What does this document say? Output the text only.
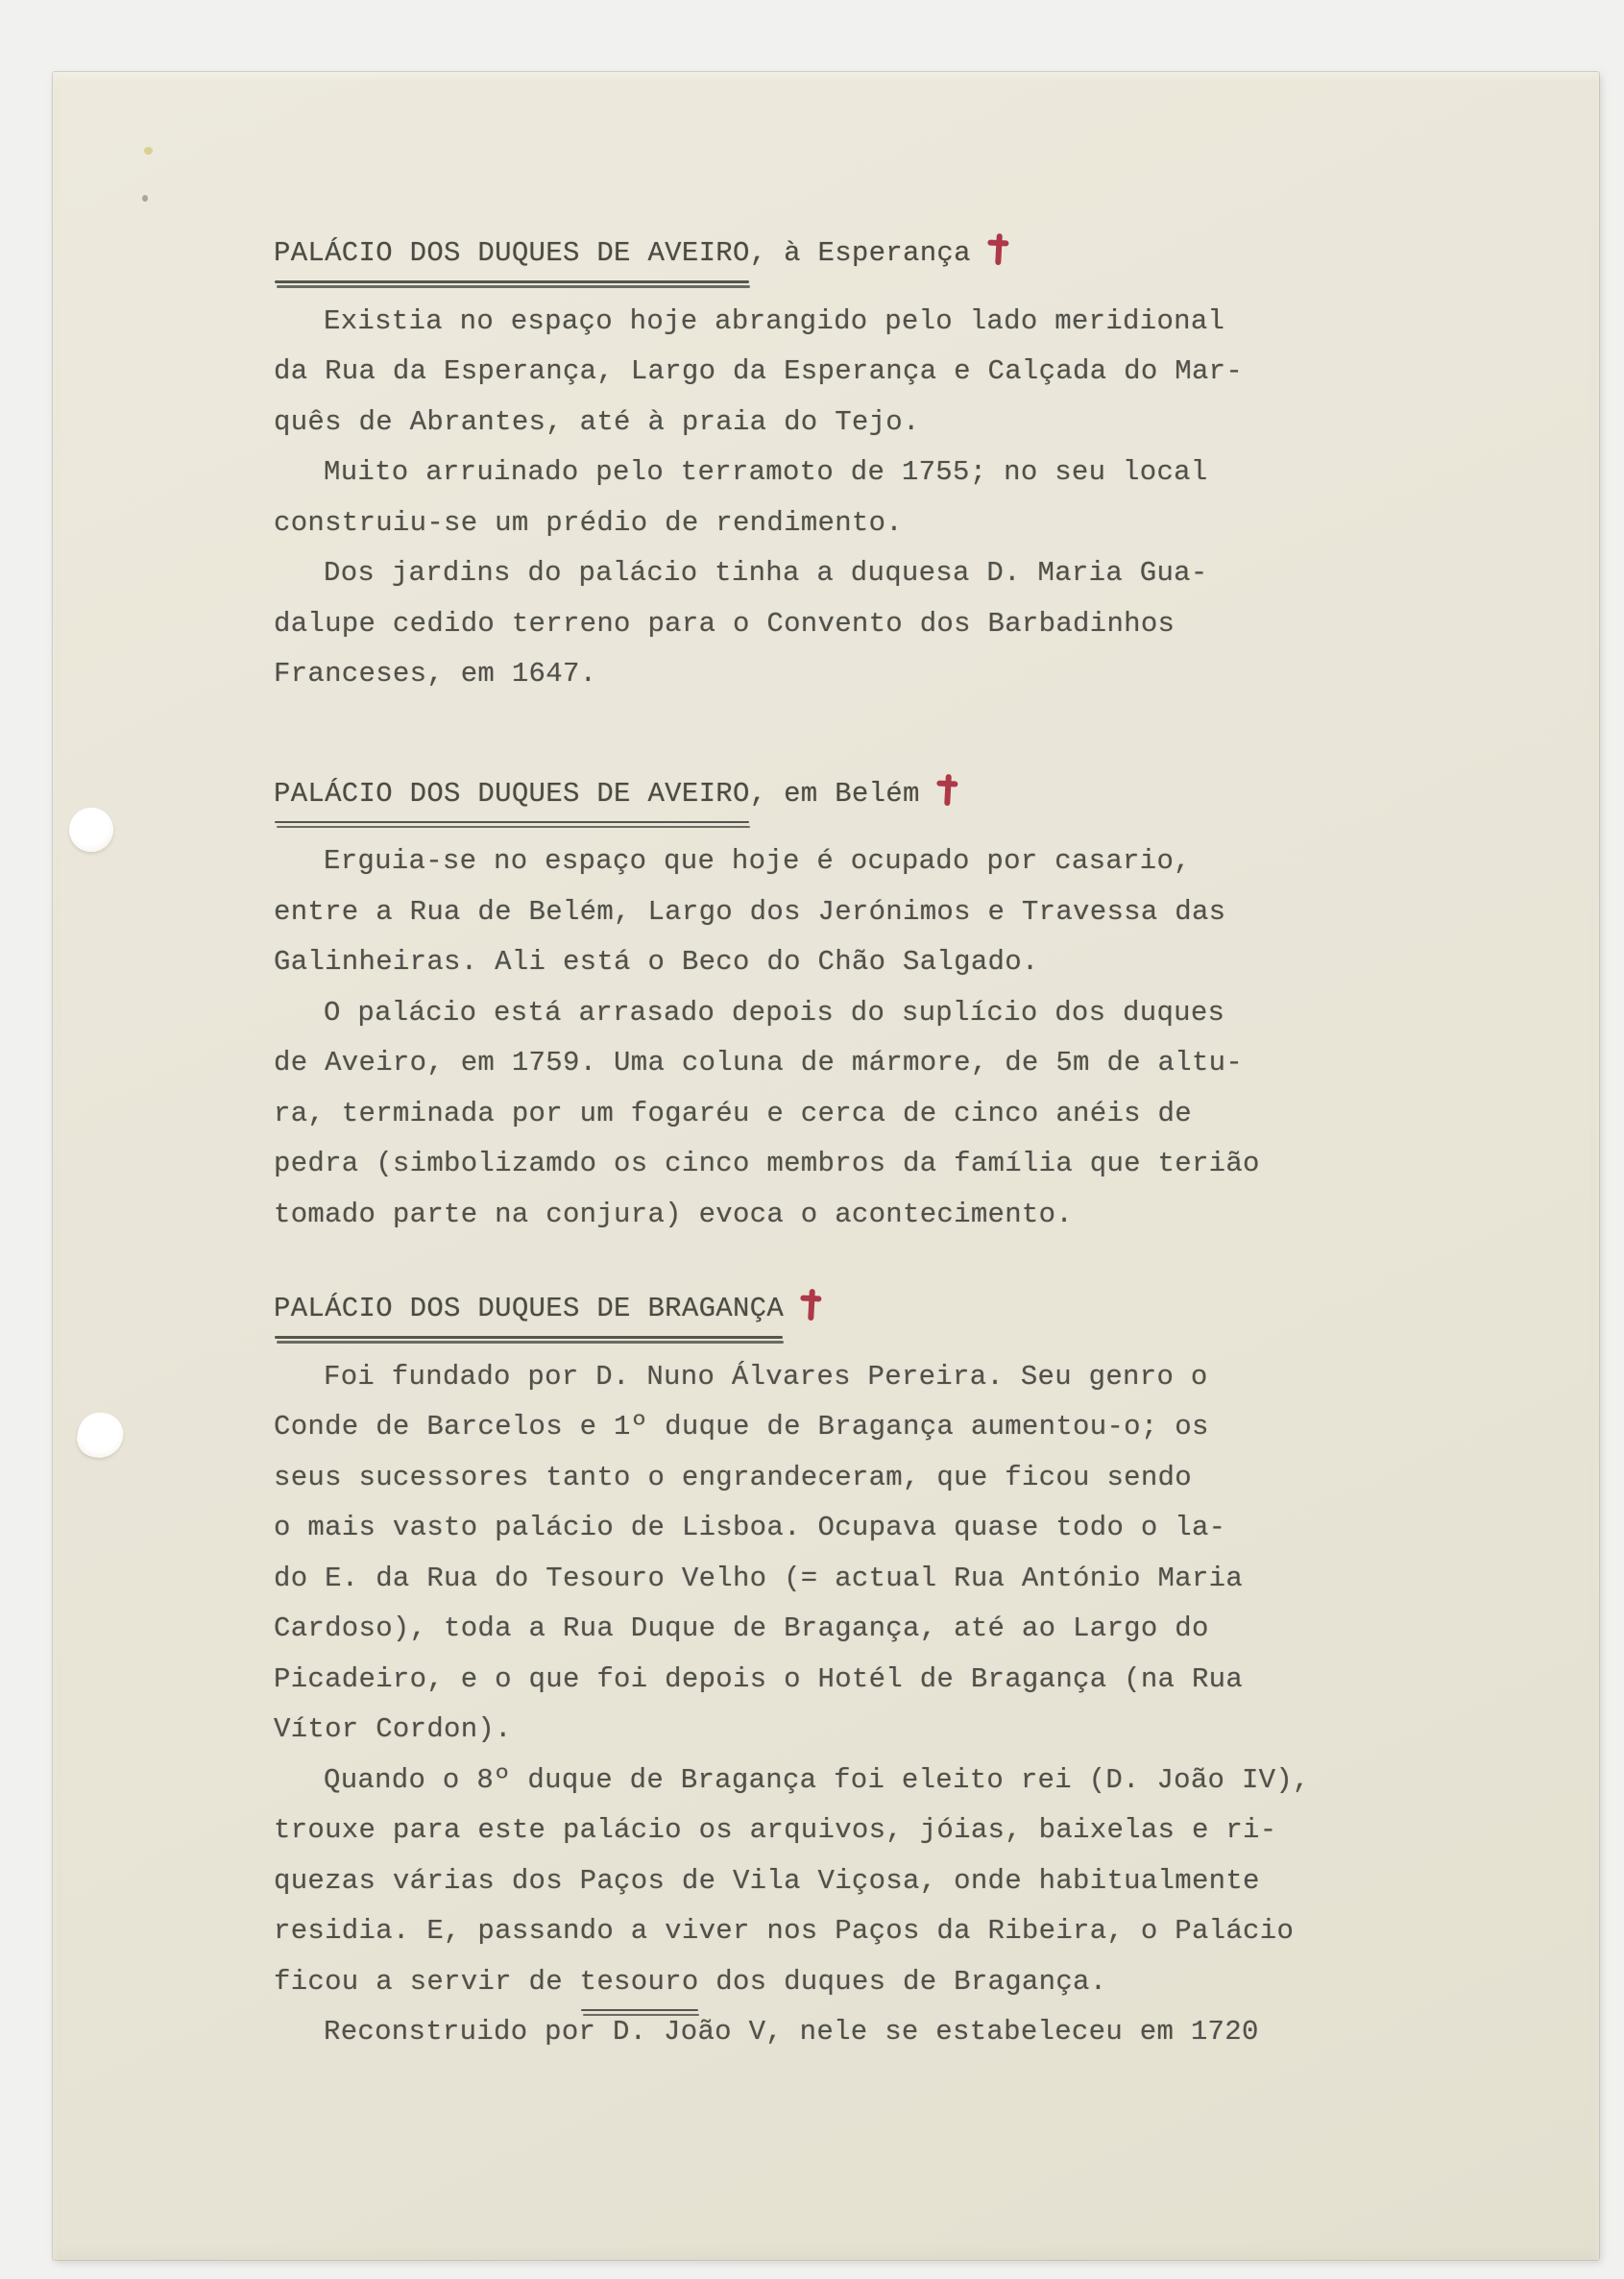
PALÁCIO DOS DUQUES DE AVEIRO, à Esperança
Existia no espaço hoje abrangido pelo lado meridional
da Rua da Esperança, Largo da Esperança e Calçada do Mar-
quês de Abrantes, até à praia do Tejo.
Muito arruinado pelo terramoto de 1755; no seu local
construiu-se um prédio de rendimento.
Dos jardins do palácio tinha a duquesa D. Maria Gua-
dalupe cedido terreno para o Convento dos Barbadinhos
Franceses, em 1647.
PALÁCIO DOS DUQUES DE AVEIRO, em Belém
Erguia-se no espaço que hoje é ocupado por casario,
entre a Rua de Belém, Largo dos Jerónimos e Travessa das
Galinheiras. Ali está o Beco do Chão Salgado.
O palácio está arrasado depois do suplício dos duques
de Aveiro, em 1759. Uma coluna de mármore, de 5m de altu-
ra, terminada por um fogaréu e cerca de cinco anéis de
pedra (simbolizamdo os cinco membros da família que terião
tomado parte na conjura) evoca o acontecimento.
PALÁCIO DOS DUQUES DE BRAGANÇA
Foi fundado por D. Nuno Álvares Pereira. Seu genro o
Conde de Barcelos e 1º duque de Bragança aumentou-o; os
seus sucessores tanto o engrandeceram, que ficou sendo
o mais vasto palácio de Lisboa. Ocupava quase todo o la-
do E. da Rua do Tesouro Velho (= actual Rua António Maria
Cardoso), toda a Rua Duque de Bragança, até ao Largo do
Picadeiro, e o que foi depois o Hotél de Bragança (na Rua
Vítor Cordon).
Quando o 8º duque de Bragança foi eleito rei (D. João IV),
trouxe para este palácio os arquivos, jóias, baixelas e ri-
quezas várias dos Paços de Vila Viçosa, onde habitualmente
residia. E, passando a viver nos Paços da Ribeira, o Palácio
ficou a servir de tesouro dos duques de Bragança.
Reconstruido por D. João V, nele se estabeleceu em 1720
